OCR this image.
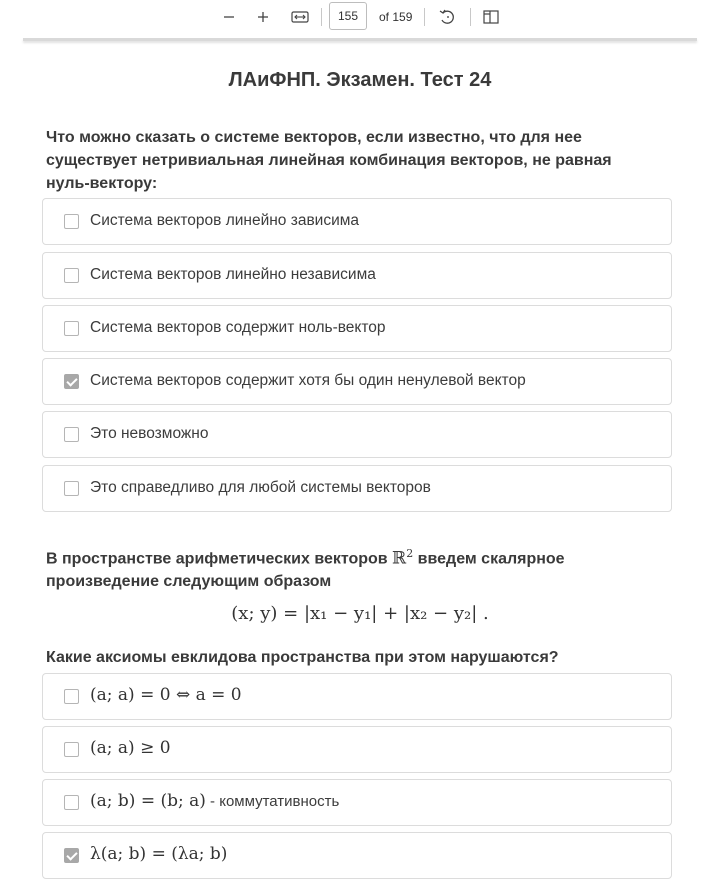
155	of 159
ЛАиФНП. Экзамен. Тест 24
Что можно сказать о системе векторов, если известно, что для нее существует нетривиальная линейная комбинация векторов, не равная нуль-вектору:
Система векторов линейно зависима
Система векторов линейно независима
Система векторов содержит ноль-вектор
Система векторов содержит хотя бы один ненулевой вектор
Это невозможно
Это справедливо для любой системы векторов
В пространстве арифметических векторов ℝ$^2$ введем скалярное произведение следующим образом
(x; y) = |x₁ − y₁| + |x₂ − y₂| .
Какие аксиомы евклидова пространства при этом нарушаются?
(a; a) = 0 ⇔ a = 0
(a; a) ≥ 0
(a; b) = (b; a) - коммутативность
λ(a; b) = (λa; b)
